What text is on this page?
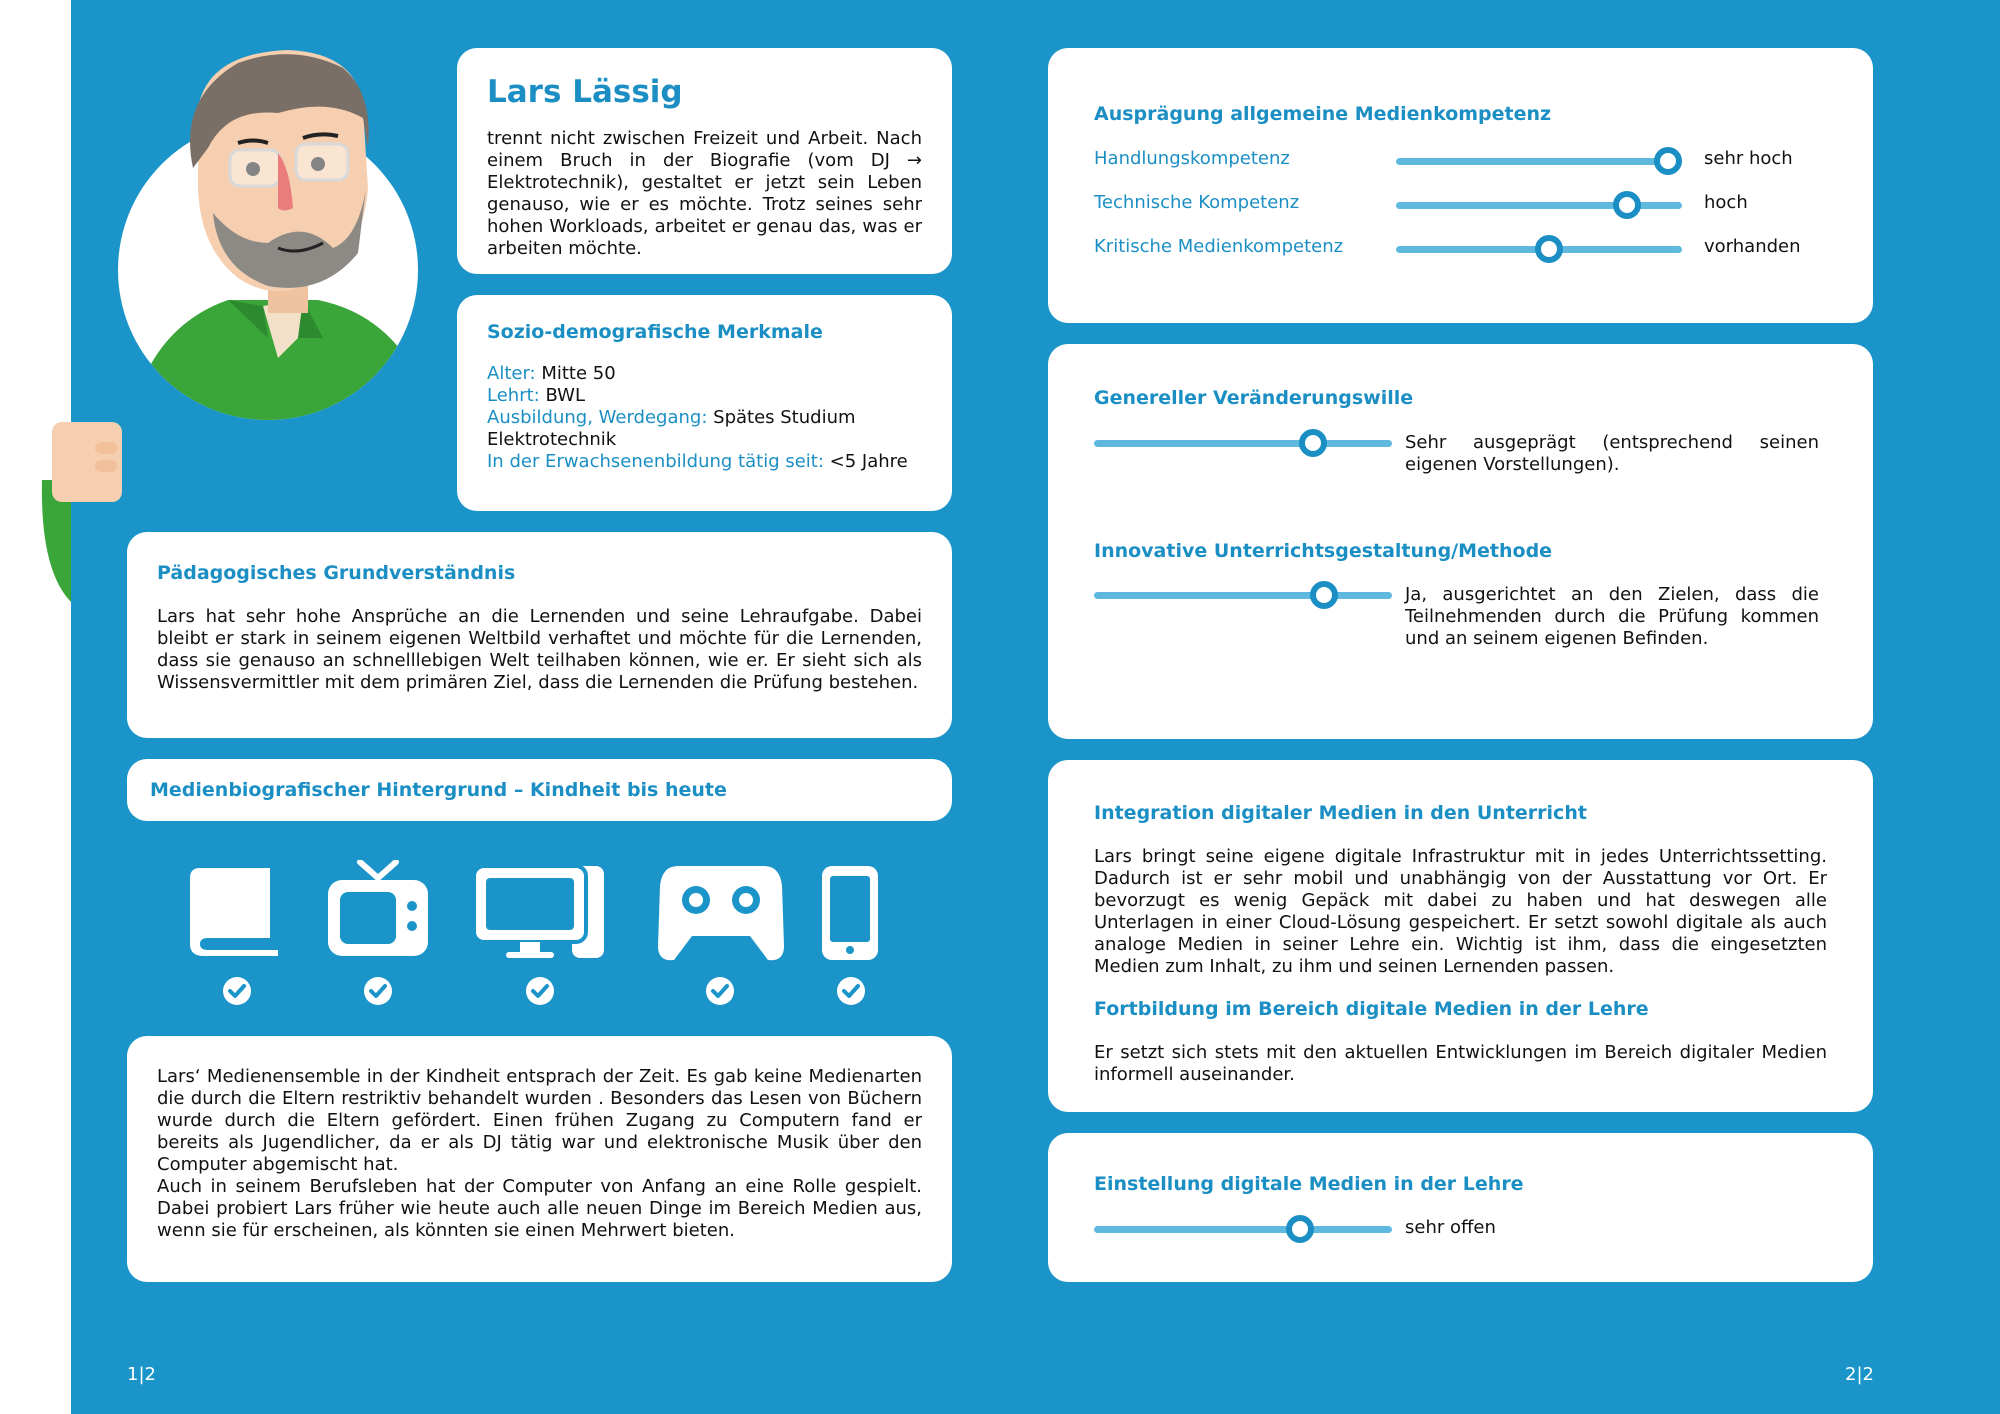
Lars Lässig
trennt nicht zwischen Freizeit und Arbeit. Nach einem Bruch in der Biografie (vom DJ → Elektrotechnik), gestaltet er jetzt sein Leben genauso, wie er es möchte. Trotz seines sehr hohen Workloads, arbeitet er genau das, was er arbeiten möchte.
Sozio-demografische Merkmale
Alter: Mitte 50
Lehrt: BWL
Ausbildung, Werdegang: Spätes Studium Elektrotechnik
In der Erwachsenenbildung tätig seit: <5 Jahre
Pädagogisches Grundverständnis
Lars hat sehr hohe Ansprüche an die Lernenden und seine Lehraufgabe. Dabei bleibt er stark in seinem eigenen Weltbild verhaftet und möchte für die Lernenden, dass sie genauso an schnelllebigen Welt teilhaben können, wie er. Er sieht sich als Wissensvermittler mit dem primären Ziel, dass die Lernenden die Prüfung bestehen.
Medienbiografischer Hintergrund – Kindheit bis heute
Lars‘ Medienensemble in der Kindheit entsprach der Zeit. Es gab keine Medienarten die durch die Eltern restriktiv behandelt wurden . Besonders das Lesen von Büchern wurde durch die Eltern gefördert. Einen frühen Zugang zu Computern fand er bereits als Jugendlicher, da er als DJ tätig war und elektronische Musik über den Computer abgemischt hat.
Auch in seinem Berufsleben hat der Computer von Anfang an eine Rolle gespielt. Dabei probiert Lars früher wie heute auch alle neuen Dinge im Bereich Medien aus, wenn sie für erscheinen, als könnten sie einen Mehrwert bieten.
Ausprägung allgemeine Medienkompetenz
Handlungskompetenz	sehr hoch
Technische Kompetenz	hoch
Kritische Medienkompetenz	vorhanden
Genereller Veränderungswille
Sehr ausgeprägt (entsprechend seinen eigenen Vorstellungen).
Innovative Unterrichtsgestaltung/Methode
Ja, ausgerichtet an den Zielen, dass die Teilnehmenden durch die Prüfung kommen und an seinem eigenen Befinden.
Integration digitaler Medien in den Unterricht
Lars bringt seine eigene digitale Infrastruktur mit in jedes Unterrichtssetting. Dadurch ist er sehr mobil und unabhängig von der Ausstattung vor Ort. Er bevorzugt es wenig Gepäck mit dabei zu haben und hat deswegen alle Unterlagen in einer Cloud-Lösung gespeichert. Er setzt sowohl digitale als auch analoge Medien in seiner Lehre ein. Wichtig ist ihm, dass die eingesetzten Medien zum Inhalt, zu ihm und seinen Lernenden passen.
Fortbildung im Bereich digitale Medien in der Lehre
Er setzt sich stets mit den aktuellen Entwicklungen im Bereich digitaler Medien informell auseinander.
Einstellung digitale Medien in der Lehre
sehr offen
1|2	2|2
